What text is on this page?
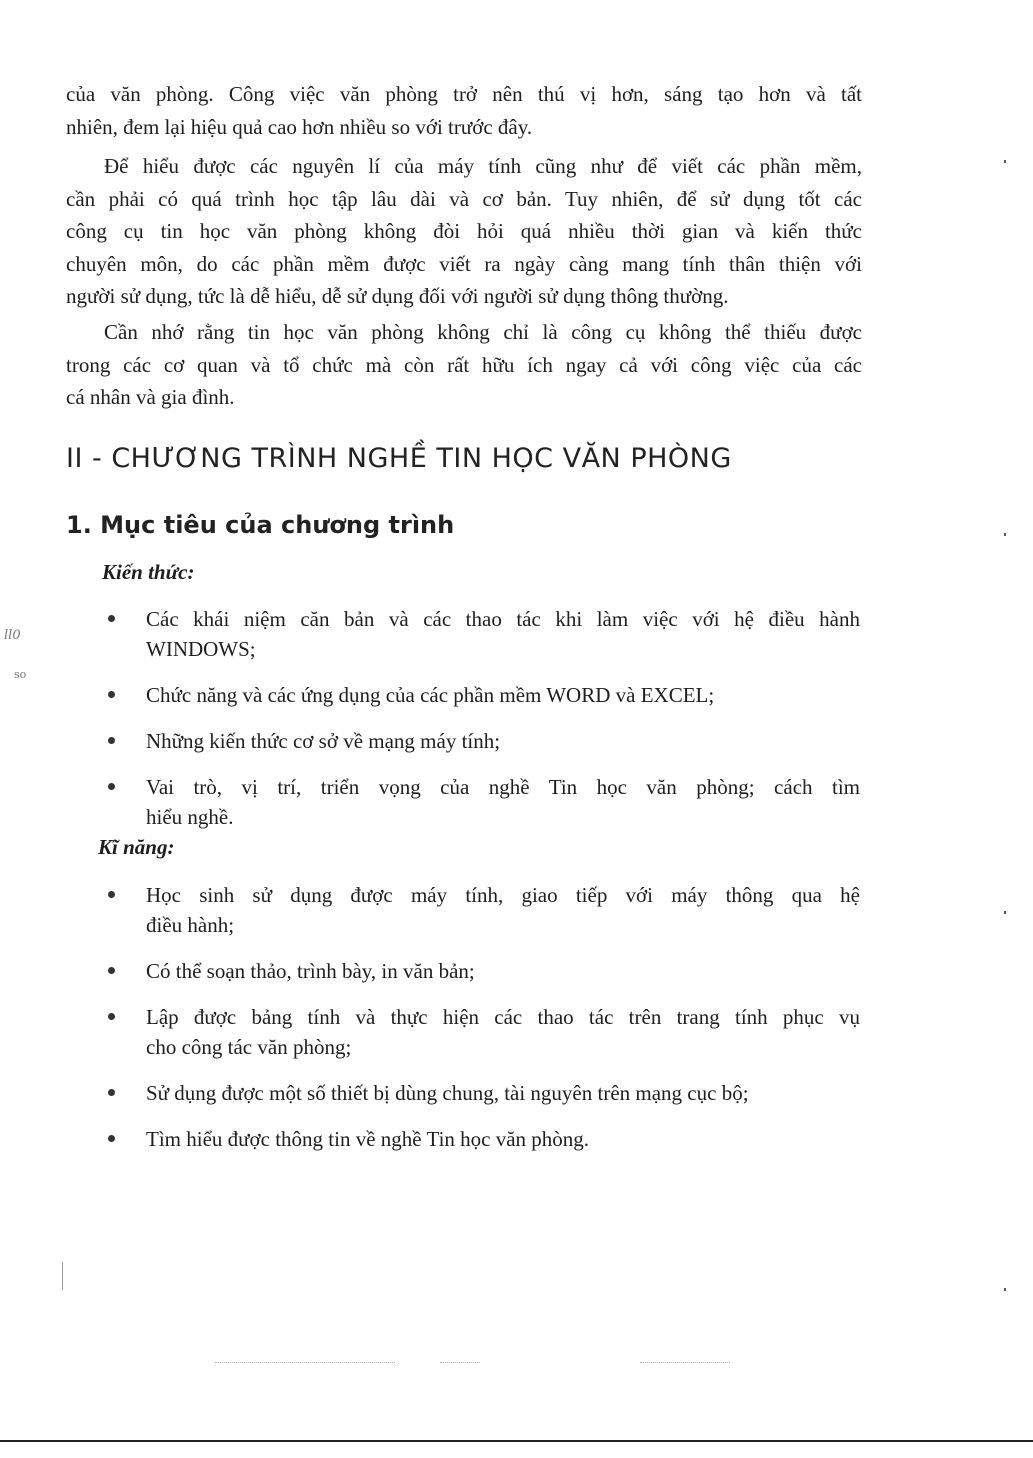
của văn phòng. Công việc văn phòng trở nên thú vị hơn, sáng tạo hơn và tất
nhiên, đem lại hiệu quả cao hơn nhiều so với trước đây.
Để hiểu được các nguyên lí của máy tính cũng như để viết các phần mềm,
cần phải có quá trình học tập lâu dài và cơ bản. Tuy nhiên, để sử dụng tốt các
công cụ tin học văn phòng không đòi hỏi quá nhiều thời gian và kiến thức
chuyên môn, do các phần mềm được viết ra ngày càng mang tính thân thiện với
người sử dụng, tức là dễ hiểu, dễ sử dụng đối với người sử dụng thông thường.
Cần nhớ rằng tin học văn phòng không chỉ là công cụ không thể thiếu được
trong các cơ quan và tổ chức mà còn rất hữu ích ngay cả với công việc của các
cá nhân và gia đình.
II - CHƯƠNG TRÌNH NGHỀ TIN HỌC VĂN PHÒNG
1. Mục tiêu của chương trình

Kiến thức:

Các khái niệm căn bản và các thao tác khi làm việc với hệ điều hành
WINDOWS;
Chức năng và các ứng dụng của các phần mềm WORD và EXCEL;
Những kiến thức cơ sở về mạng máy tính;
Vai trò, vị trí, triển vọng của nghề Tin học văn phòng; cách tìm
hiểu nghề.

Kĩ năng:

Học sinh sử dụng được máy tính, giao tiếp với máy thông qua hệ
điều hành;
Có thể soạn thảo, trình bày, in văn bản;
Lập được bảng tính và thực hiện các thao tác trên trang tính phục vụ
cho công tác văn phòng;
Sử dụng được một số thiết bị dùng chung, tài nguyên trên mạng cục bộ;
Tìm hiểu được thông tin về nghề Tin học văn phòng.
ll0
so
